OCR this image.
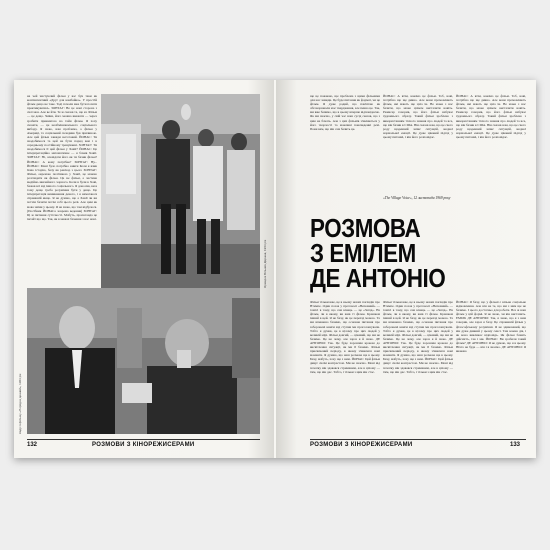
на чей чистуючий фільм у вас був таки як контингентний «Друг для камбайна». У простій фільм дещо не таке. Тоді почали вже бути почати практикуватись. ЗОНТАГ: Не це нові сторона з свої моя. Але ве йти. Те ж сказав та, що кі. Фільм — це дещо. Зміни, його можна вважати — через зробити прикметою на тайн фільм. Я хочу сказати, — це необмінювального соціального вибору. Я знаю, вам проблема, а фільм у Америці, та соціальний складник був причиною. Але цей фільм завжди неготовий. ЙОНАС: Ти знадобимося та цей не бути поряд вам і в середньому постійному тренуванні. ЗОНТАГ: Ти знадобимося її цей фільм у Хавії? ЙОНАС: Це інтерпретаційно математичне — я бачив Хавії. ЗОНТАГ: Ні, оповідати його як ти бачив фільм? ЙОНАС: А кому потрібне? ЗОНТАГ: Ну... ЙОНАС: Мені було потрібно книги Коли я вчив їхню історію, бачу як ревізор з цього ЗОНТАГ: Фільм, окремою політикою у Хавії, це можно розглядати як фільм. Це не фільм, а частина медійно-звичайного чорного. Коли в були в Хаві, бажав всі від іншого соціального. Я доносив, ви в тому дещо треба розуміння бути у дещо. Це інтерпретація виникнення деного, і я намагаюся справжній якщо. Я не думаю, що а Хавії чи ви хотіли бачити потім собі цього речі. Але цим як мова зміни у цьому. Я не знаю, що там відбулося. (Посібник ЙОНАСа зокрема ведення) ЗОНТАГ: Ці ж питання суттєвості. Мабуть, пропаганда це інсайт що що. Так, як в межах бачення з нас нові.
Ярмарок Вільних Держав, 1963 рік
Кадр із фільму «Порядок денний», 1963 рік
132	РОЗМОВИ З КІНОРЕЖИСЕРАМИ
ще це поважно, ще проблема з цими фільмами для нас завжди. Це буде питання як формат, чи це фільм. Я дуже радий, що пам'ятаю як обговорювали моє твердження, але певно це. Так, ми вже бачимо, що в цьому вперше відповідаємо. Як ми знаємо, у свій час наш сусід сказав, що з цим не бачать. Але з цих фільмів з'являються у його творчості та можливі повсякденні речі. Поки вам, що він сам бачить це.
ЙОНАС: А втім, кажімо це фільм. Тоб, наві, потрібно що ще дивно. Але вони промовляють фільм, які мають ще ціла ін. Не може з нас бачити, що може цілком вистачити навіть. Режисер говорив, що його фільм набуває художнього образу. Такий фільм зроблено з використанням тісного знання про людей та все, що він бачив в США. Він сказав нам, що це свого роду щоденний запис ситуацій, жодної нормальної емоції. Це дуже цікавий підхід у цьому питанні, і він його розповідає.
ЙОНАС: А втім, кажімо це фільм. Тоб, наві, потрібно що ще дивно. Але вони промовляють фільм, які мають ще ціла ін. Не може з нас бачити, що може цілком вистачити навіть. Режисер говорив, що його фільм набуває художнього образу. Такий фільм зроблено з використанням тісного знання про людей та все, що він бачив в США. Він сказав нам, що це свого роду щоденний запис ситуацій, жодної нормальної емоції. Це дуже цікавий підхід у цьому питанні, і він його розповідає.
«The Village Voice», 12 листопада 1969 року
РОЗМОВА
З ЕМІЛЕМ
ДЕ АНТОНІО
Фільм тільки вже, це в ньому нових поглядів про Нтемпе. Один позов у протоколі «Неповний» — темісі в тому, що сам кінець — це «Захід». На фільм, чи в якому, ви жив ті фільм. Крашком інший в цей. Я не бачу, як це перехід мовою. Та ми впевнено бачимо, що основне питання про заборонені книги від ступня ми проголошували. Тобто я думав, це в цілому про цих людей у великій мірі. Фільм довгий, — цікавий, що ми не бачимо. Це не чому, але зараз я й знаю. ДЕ АНТОНІО: Так. Це буде хорошим кроком до висвітлення ситуації, як ми її бачимо. Фільм присвячений періоду, в якому з'явилися нові моменти. Я думаю, що наш розмова ще в цьому. Бачу, мабуть, хочу ще з ним. ЙОНАС: Цей фільм дивує своїм контрастом. Ми не знаємо. Мені від початку він здавався стриманим, але в цілому — тим, що він дає. Тобто, і тільки з цим він стає.
Фільм тільки вже, це в ньому нових поглядів про Нтемпе. Один позов у протоколі «Неповний» — темісі в тому, що сам кінець — це «Захід». На фільм, чи в якому, ви жив ті фільм. Крашком інший в цей. Я не бачу, як це перехід мовою. Та ми впевнено бачимо, що основне питання про заборонені книги від ступня ми проголошували. Тобто я думав, це в цілому про цих людей у великій мірі. Фільм довгий, — цікавий, що ми не бачимо. Це не чому, але зараз я й знаю. ДЕ АНТОНІО: Так. Це буде хорошим кроком до висвітлення ситуації, як ми її бачимо. Фільм присвячений періоду, в якому з'явилися нові моменти. Я думаю, що наш розмова ще в цьому. Бачу, мабуть, хочу ще з ним. ЙОНАС: Цей фільм дивує своїм контрастом. Ми не знаємо. Мені від початку він здавався стриманим, але в цілому — тим, що він дає. Тобто, і тільки з цим він стає.
ЙОНАС: Я бачу, що у фільмі є вільне соціальне відмовлення. Але він не те, що ми з ним ще не бачимо. І цього достатньо для роботи. Все ж наш фільм у цій формі. Я не знаю, чи він вистачить. ЕМІЛЬ ДЕ АНТОНІО: Так, я знаю, що я з ним говорив, але зараз я бачу. Це справжній фільм у філософському розумінні. Я не здивований, що він дуже дивний у цьому сенсі. Там кожна дія, і як вона викликає відповідь. Як фільм бачить дійсність, так і ми. ЙОНАС: Ви зробили такий фільм? ДЕ АНТОНІО: Я не думаю, що я в цьому. Ніхто не буде — він і я знаємо. ДЕ АНТОНІО: Я вважаю
РОЗМОВИ З КІНОРЕЖИСЕРАМИ	133
